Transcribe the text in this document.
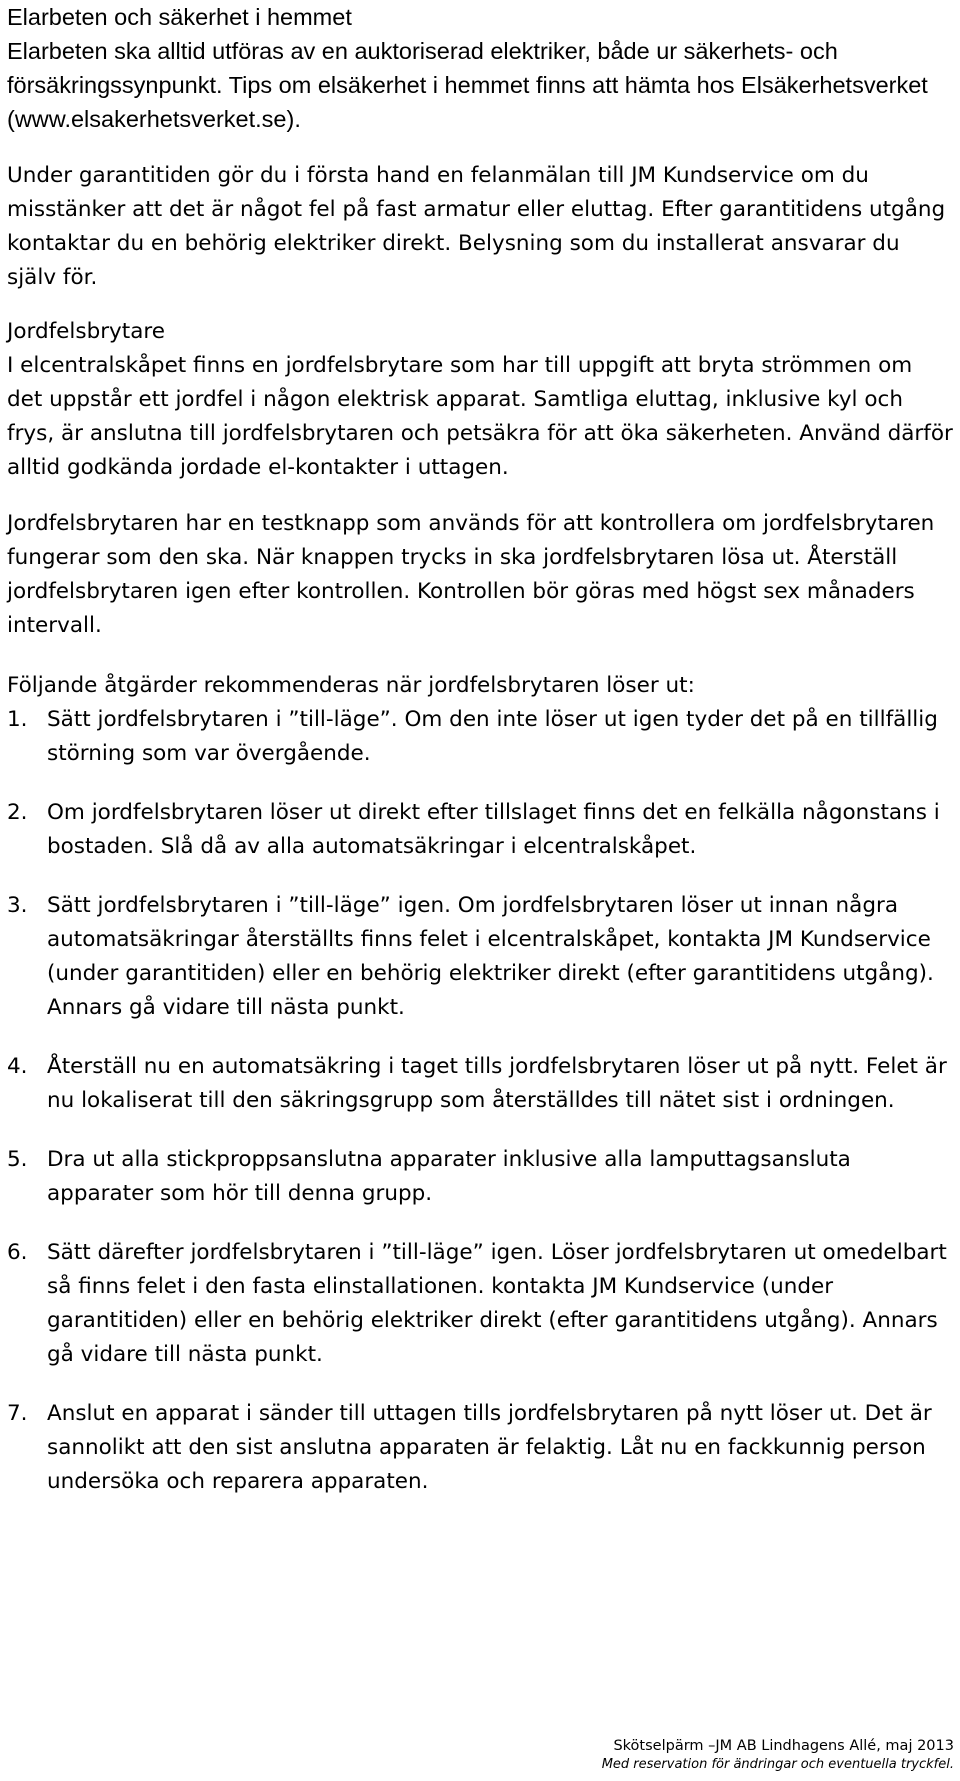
Elarbeten och säkerhet i hemmet
Elarbeten ska alltid utföras av en auktoriserad elektriker, både ur säkerhets- och försäkringssynpunkt. Tips om elsäkerhet i hemmet finns att hämta hos Elsäkerhetsverket (www.elsakerhetsverket.se).
Under garantitiden gör du i första hand en felanmälan till JM Kundservice om du misstänker att det är något fel på fast armatur eller eluttag. Efter garantitidens utgång kontaktar du en behörig elektriker direkt. Belysning som du installerat ansvarar du själv för.
Jordfelsbrytare
I elcentralskåpet finns en jordfelsbrytare som har till uppgift att bryta strömmen om det uppstår ett jordfel i någon elektrisk apparat. Samtliga eluttag, inklusive kyl och frys, är anslutna till jordfelsbrytaren och petsäkra för att öka säkerheten. Använd därför alltid godkända jordade el-kontakter i uttagen.
Jordfelsbrytaren har en testknapp som används för att kontrollera om jordfelsbrytaren fungerar som den ska. När knappen trycks in ska jordfelsbrytaren lösa ut. Återställ jordfelsbrytaren igen efter kontrollen. Kontrollen bör göras med högst sex månaders intervall.
Följande åtgärder rekommenderas när jordfelsbrytaren löser ut:
1. Sätt jordfelsbrytaren i ”till-läge”. Om den inte löser ut igen tyder det på en tillfällig störning som var övergående.
2. Om jordfelsbrytaren löser ut direkt efter tillslaget finns det en felkälla någonstans i bostaden. Slå då av alla automatsäkringar i elcentralskåpet.
3. Sätt jordfelsbrytaren i ”till-läge” igen. Om jordfelsbrytaren löser ut innan några automatsäkringar återställts finns felet i elcentralskåpet, kontakta JM Kundservice (under garantitiden) eller en behörig elektriker direkt (efter garantitidens utgång). Annars gå vidare till nästa punkt.
4. Återställ nu en automatsäkring i taget tills jordfelsbrytaren löser ut på nytt. Felet är nu lokaliserat till den säkringsgrupp som återställdes till nätet sist i ordningen.
5. Dra ut alla stickproppsanslutna apparater inklusive alla lamputtagsansluta apparater som hör till denna grupp.
6. Sätt därefter jordfelsbrytaren i ”till-läge” igen. Löser jordfelsbrytaren ut omedelbart så finns felet i den fasta elinstallationen. kontakta JM Kundservice (under garantitiden) eller en behörig elektriker direkt (efter garantitidens utgång). Annars gå vidare till nästa punkt.
7. Anslut en apparat i sänder till uttagen tills jordfelsbrytaren på nytt löser ut. Det är sannolikt att den sist anslutna apparaten är felaktig. Låt nu en fackkunnig person undersöka och reparera apparaten.
Skötselpärm –JM AB Lindhagens Allé, maj 2013
Med reservation för ändringar och eventuella tryckfel.
